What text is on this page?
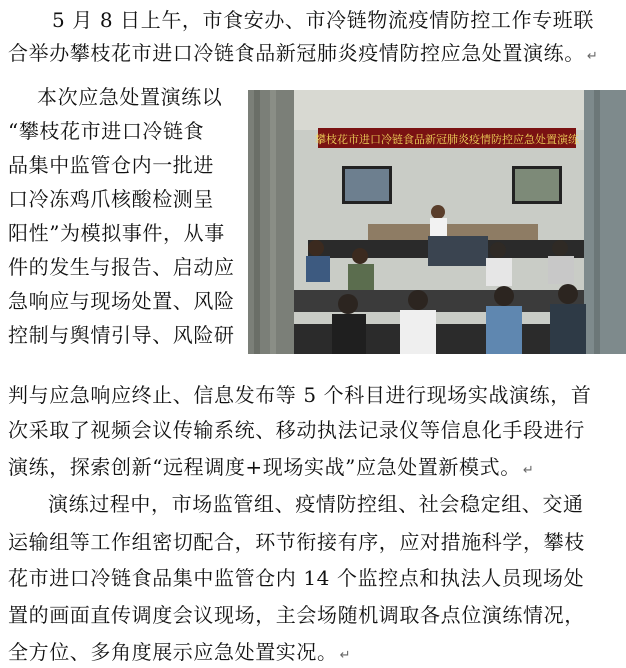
5 月 8 日上午，市食安办、市冷链物流疫情防控工作专班联
合举办攀枝花市进口冷链食品新冠肺炎疫情防控应急处置演练。 ↵
本次应急处置演练以
“攀枝花市进口冷链食
品集中监管仓内一批进
口冷冻鸡爪核酸检测呈
阳性”为模拟事件，从事
件的发生与报告、启动应
急响应与现场处置、风险
控制与舆情引导、风险研
判与应急响应终止、信息发布等 5 个科目进行现场实战演练，首
次采取了视频会议传输系统、移动执法记录仪等信息化手段进行
演练，探索创新“远程调度+现场实战”应急处置新模式。 ↵
演练过程中，市场监管组、疫情防控组、社会稳定组、交通
运输组等工作组密切配合，环节衔接有序，应对措施科学，攀枝
花市进口冷链食品集中监管仓内 14 个监控点和执法人员现场处
置的画面直传调度会议现场，主会场随机调取各点位演练情况，
全方位、多角度展示应急处置实况。 ↵
攀枝花市进口冷链食品新冠肺炎疫情防控应急处置演练
